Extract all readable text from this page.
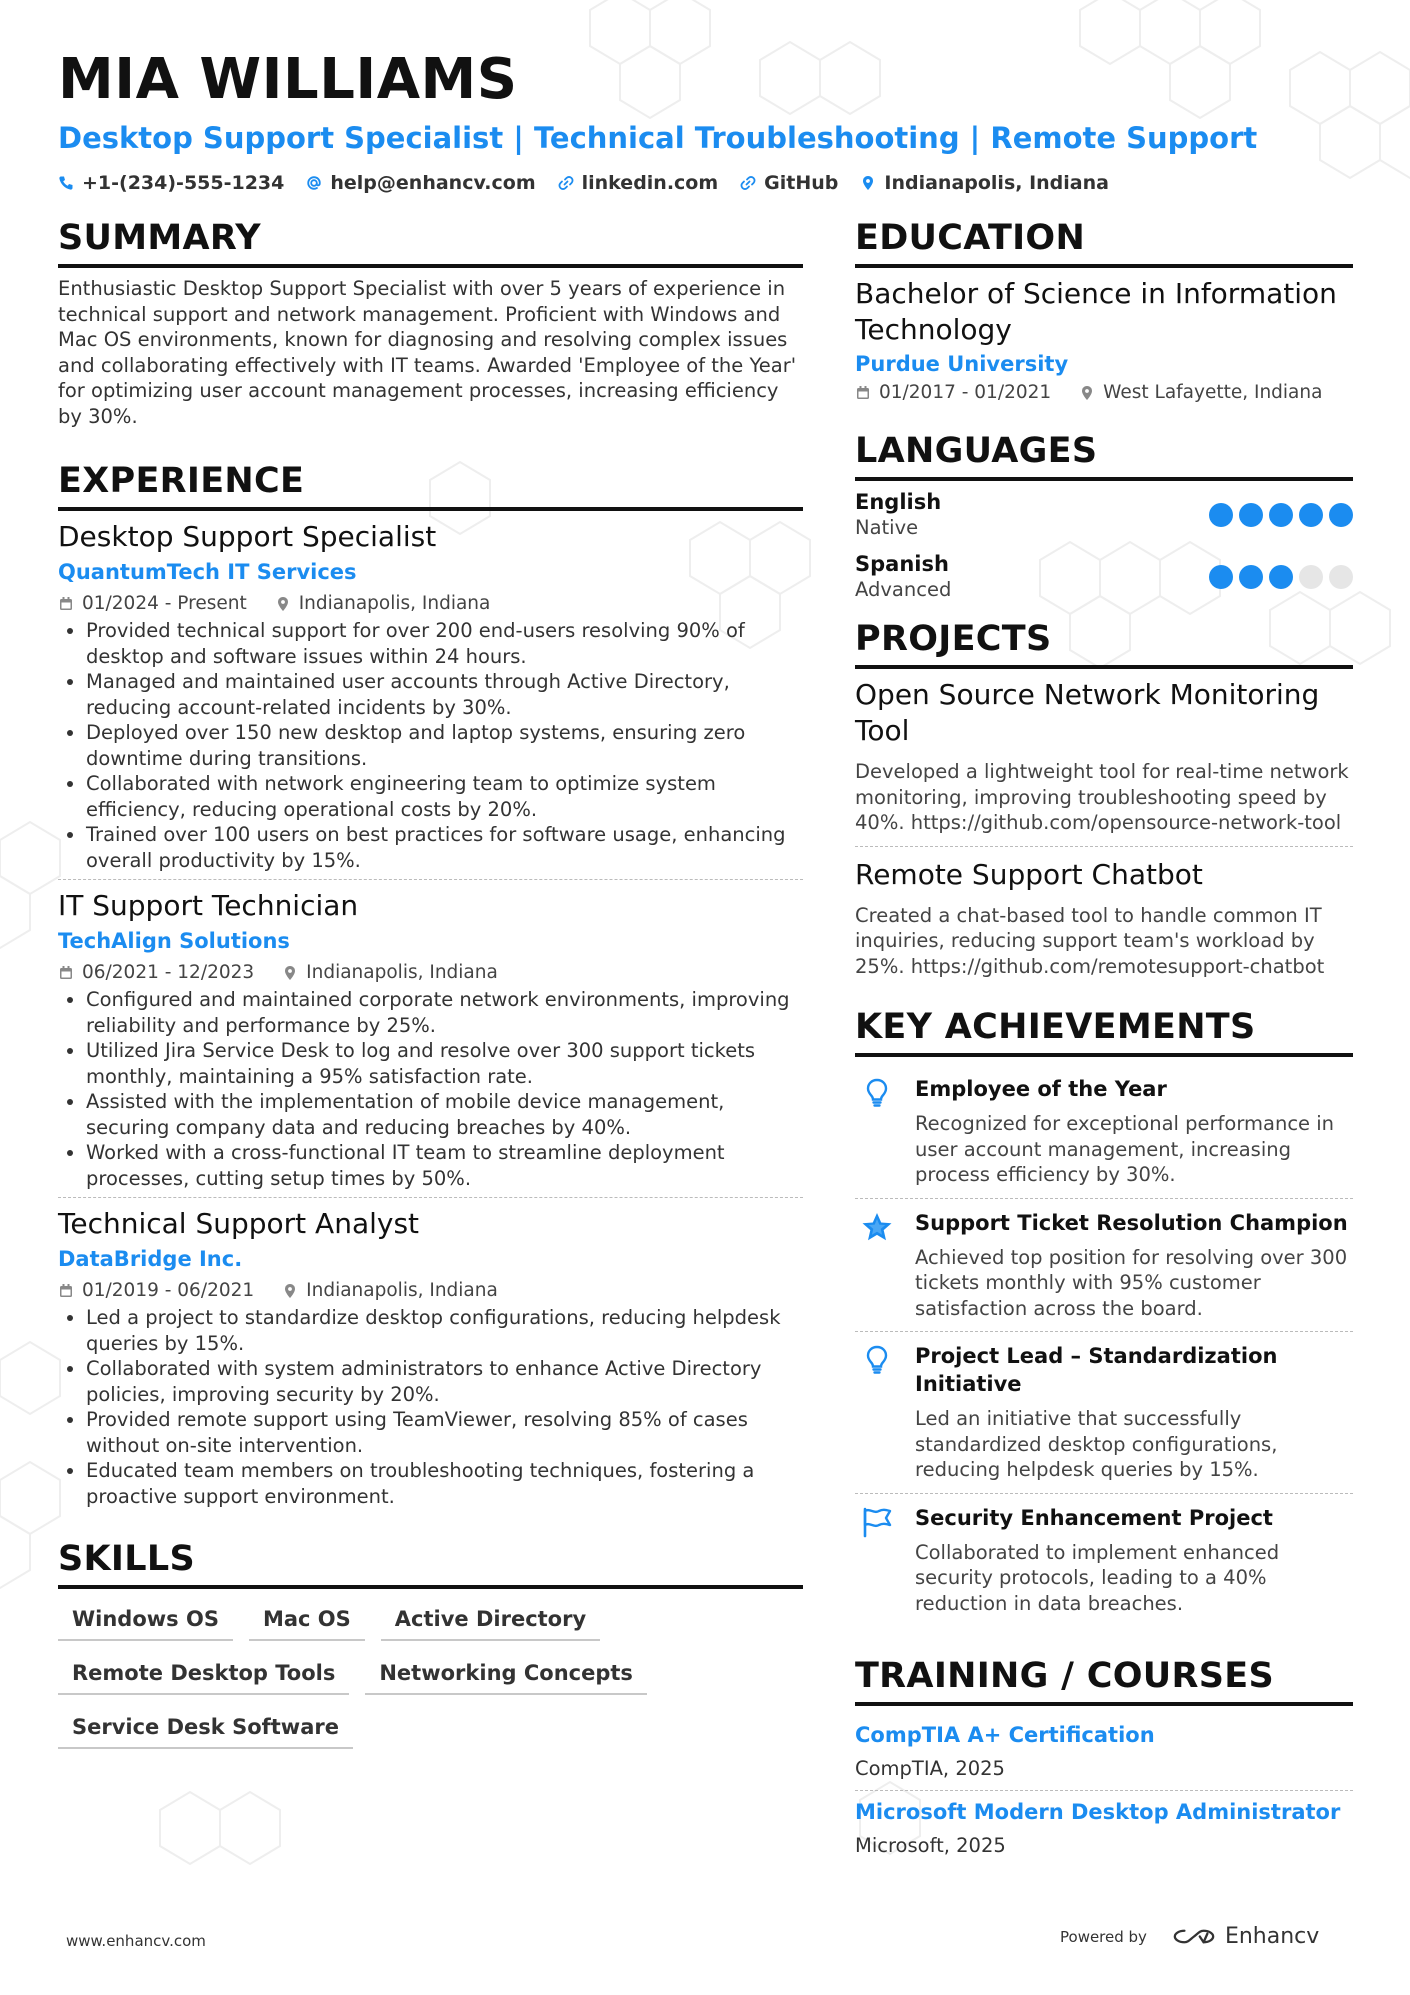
MIA WILLIAMS
Desktop Support Specialist | Technical Troubleshooting | Remote Support
+1-(234)-555-1234 help@enhancv.com linkedin.com GitHub Indianapolis, Indiana
SUMMARY
Enthusiastic Desktop Support Specialist with over 5 years of experience in technical support and network management. Proficient with Windows and Mac OS environments, known for diagnosing and resolving complex issues and collaborating effectively with IT teams. Awarded 'Employee of the Year' for optimizing user account management processes, increasing efficiency by 30%.
EXPERIENCE
Desktop Support Specialist
QuantumTech IT Services
01/2024 - Present	Indianapolis, Indiana
• Provided technical support for over 200 end-users resolving 90% of desktop and software issues within 24 hours.
• Managed and maintained user accounts through Active Directory, reducing account-related incidents by 30%.
• Deployed over 150 new desktop and laptop systems, ensuring zero downtime during transitions.
• Collaborated with network engineering team to optimize system efficiency, reducing operational costs by 20%.
• Trained over 100 users on best practices for software usage, enhancing overall productivity by 15%.
IT Support Technician
TechAlign Solutions
06/2021 - 12/2023	Indianapolis, Indiana
• Configured and maintained corporate network environments, improving reliability and performance by 25%.
• Utilized Jira Service Desk to log and resolve over 300 support tickets monthly, maintaining a 95% satisfaction rate.
• Assisted with the implementation of mobile device management, securing company data and reducing breaches by 40%.
• Worked with a cross-functional IT team to streamline deployment processes, cutting setup times by 50%.
Technical Support Analyst
DataBridge Inc.
01/2019 - 06/2021	Indianapolis, Indiana
• Led a project to standardize desktop configurations, reducing helpdesk queries by 15%.
• Collaborated with system administrators to enhance Active Directory policies, improving security by 20%.
• Provided remote support using TeamViewer, resolving 85% of cases without on-site intervention.
• Educated team members on troubleshooting techniques, fostering a proactive support environment.
SKILLS
Windows OS	Mac OS	Active Directory
Remote Desktop Tools	Networking Concepts
Service Desk Software
EDUCATION
Bachelor of Science in Information Technology
Purdue University
01/2017 - 01/2021	West Lafayette, Indiana
LANGUAGES
English
Native
Spanish
Advanced
PROJECTS
Open Source Network Monitoring Tool
Developed a lightweight tool for real-time network monitoring, improving troubleshooting speed by 40%. https://github.com/opensource-network-tool
Remote Support Chatbot
Created a chat-based tool to handle common IT inquiries, reducing support team's workload by 25%. https://github.com/remotesupport-chatbot
KEY ACHIEVEMENTS
Employee of the Year
Recognized for exceptional performance in user account management, increasing process efficiency by 30%.
Support Ticket Resolution Champion
Achieved top position for resolving over 300 tickets monthly with 95% customer satisfaction across the board.
Project Lead – Standardization Initiative
Led an initiative that successfully standardized desktop configurations, reducing helpdesk queries by 15%.
Security Enhancement Project
Collaborated to implement enhanced security protocols, leading to a 40% reduction in data breaches.
TRAINING / COURSES
CompTIA A+ Certification
CompTIA, 2025
Microsoft Modern Desktop Administrator
Microsoft, 2025
www.enhancv.com	Powered by	Enhancv
